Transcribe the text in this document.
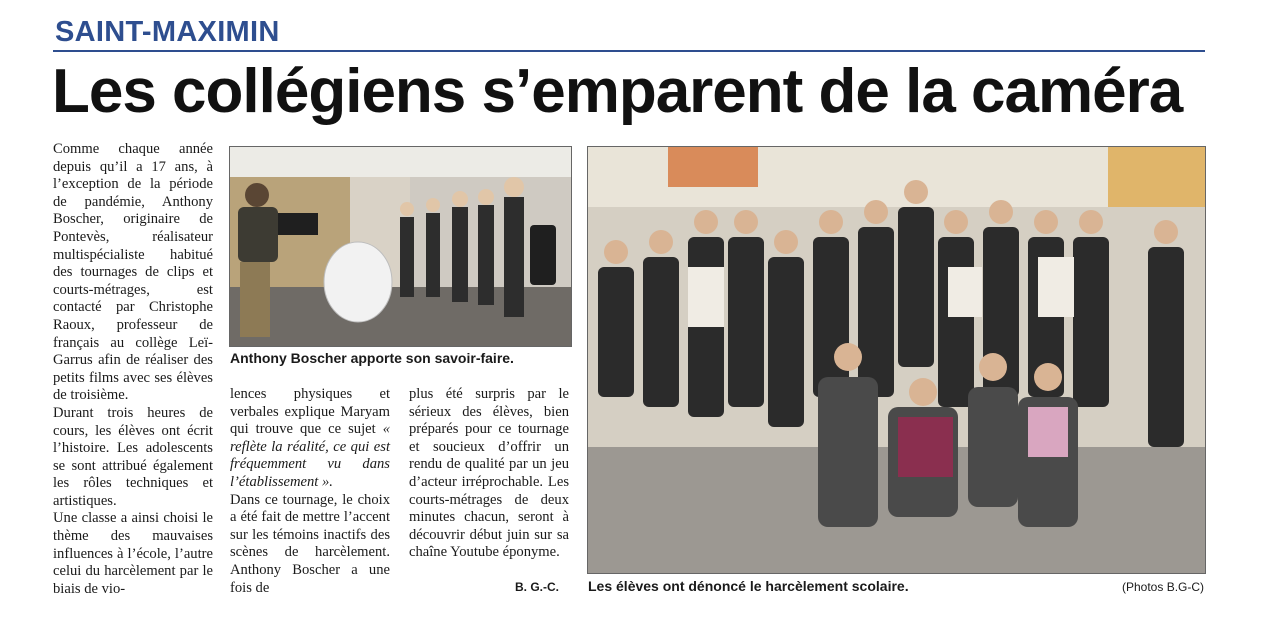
SAINT-MAXIMIN
Les collégiens s’emparent de la caméra

Comme chaque année depuis qu’il a 17 ans, à l’exception de la période de pandémie, Anthony Boscher, originaire de Pontevès, réalisateur multispécialiste habitué des tournages de clips et courts-métrages, est contacté par Christophe Raoux, professeur de français au collège Leï-Garrus afin de réaliser des petits films avec ses élèves de troisième.

Durant trois heures de cours, les élèves ont écrit l’histoire. Les adolescents se sont attribué également les rôles techniques et artistiques.

Une classe a ainsi choisi le thème des mauvaises influences à l’école, l’autre celui du harcèlement par le biais de vio-

lences physiques et verbales explique Maryam qui trouve que ce sujet « reflète la réalité, ce qui est fréquemment vu dans l’établissement ».

Dans ce tournage, le choix a été fait de mettre l’accent sur les témoins inactifs des scènes de harcèlement. Anthony Boscher a une fois de

plus été surpris par le sérieux des élèves, bien préparés pour ce tournage et soucieux d’offrir un rendu de qualité par un jeu d’acteur irréprochable. Les courts-métrages de deux minutes chacun, seront à découvrir début juin sur sa chaîne Youtube éponyme.

B. G.-C.
Anthony Boscher apporte son savoir-faire.
Les élèves ont dénoncé le harcèlement scolaire.	(Photos B.G-C)
